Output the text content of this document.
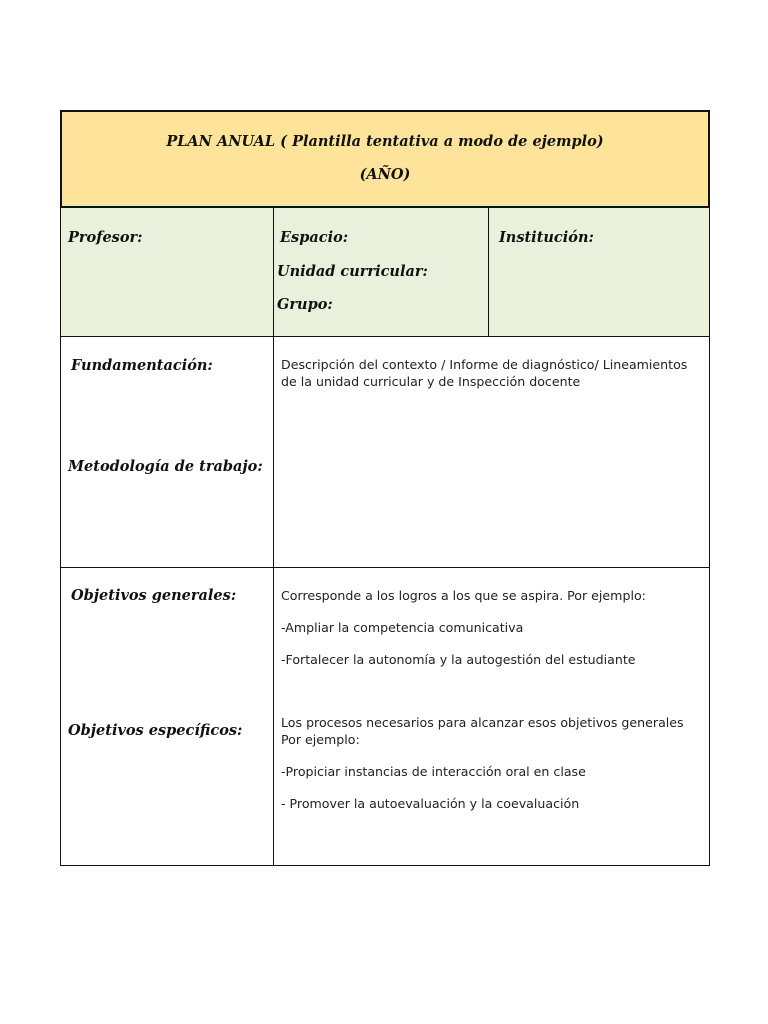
PLAN ANUAL ( Plantilla tentativa a modo de ejemplo)
(AÑO)
Profesor:	Espacio:
Unidad curricular:
Grupo:
Institución:
Fundamentación:
Metodología de trabajo:
Descripción del contexto / Informe de diagnóstico/ Lineamientos
de la unidad curricular y de Inspección docente
Objetivos generales:
Objetivos específicos:
Corresponde a los logros a los que se aspira. Por ejemplo:
-Ampliar la competencia comunicativa
-Fortalecer la autonomía y la autogestión del estudiante
Los procesos necesarios para alcanzar esos objetivos generales
Por ejemplo:
-Propiciar instancias de interacción oral en clase
- Promover la autoevaluación y la coevaluación
